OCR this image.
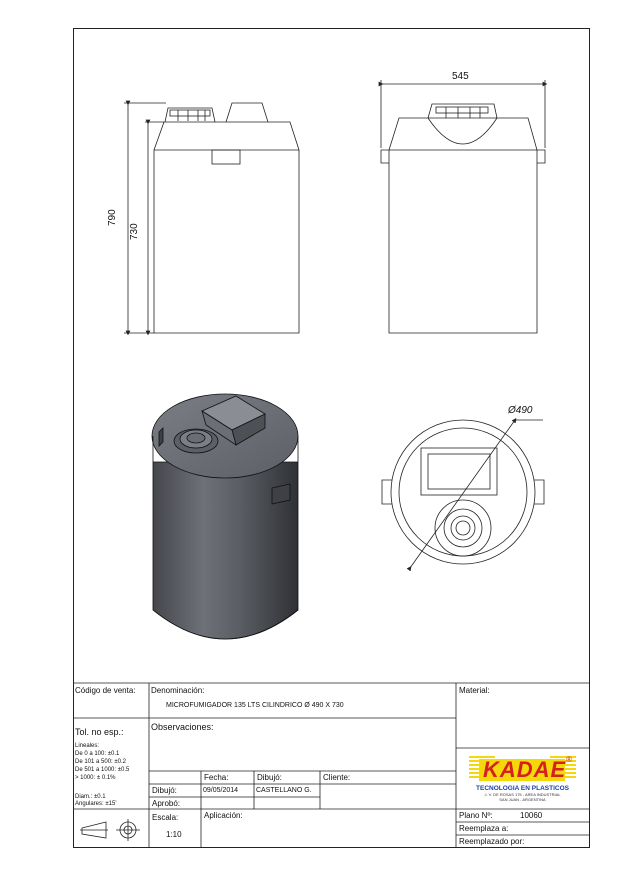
545
790
730
Ø490
Código de venta: Denominación:
MICROFUMIGADOR 135 LTS CILINDRICO Ø 490 X 730
Material:
Tol. no esp.:	Observaciones:
Lineales:
De 0 a 100: ±0.1
De 101 a 500: ±0.2
De 501 a 1000: ±0.5
> 1000: ± 0.1%
Diam.: ±0.1
Angulares: ±15'
Fecha:	Dibujó:	Cliente:
Dibujó:	09/05/2014	CASTELLANO G.
Aprobó:
Escala:
1:10
Aplicación:	Plano Nº:	10060
Reemplaza a:
Reemplazado por:
KADAE ®
TECNOLOGIA EN PLASTICOS
J. V. DE ROSAS 175 - AREA INDUSTRIAL
SAN JUAN - ARGENTINA
